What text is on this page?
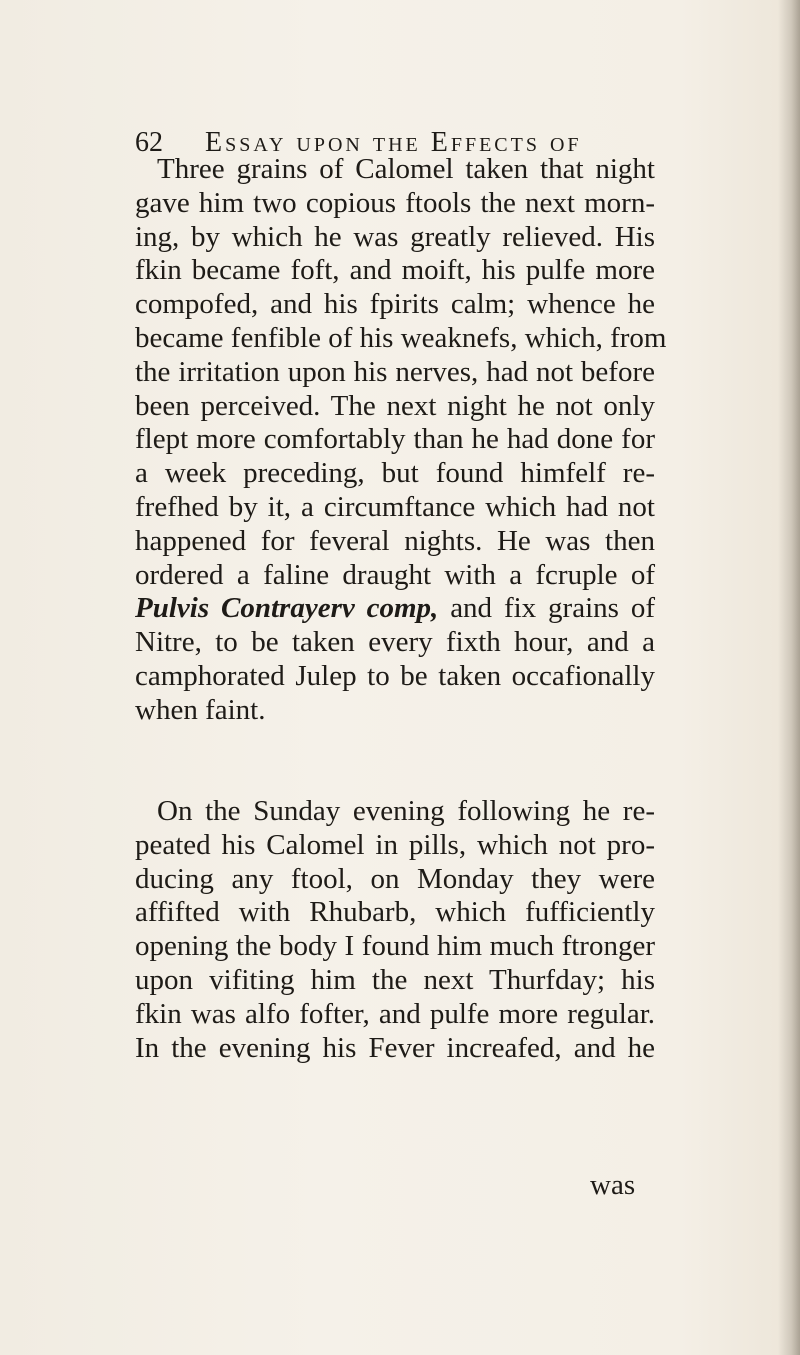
62 Essay upon the Effects of
Three grains of Calomel taken that night
gave him two copious ftools the next morn-
ing, by which he was greatly relieved. His
fkin became foft, and moift, his pulfe more
compofed, and his fpirits calm; whence he
became fenfible of his weaknefs, which, from
the irritation upon his nerves, had not before
been perceived. The next night he not only
flept more comfortably than he had done for
a week preceding, but found himfelf re-
frefhed by it, a circumftance which had not
happened for feveral nights. He was then
ordered a faline draught with a fcruple of
Pulvis Contrayerv comp, and fix grains of
Nitre, to be taken every fixth hour, and a
camphorated Julep to be taken occafionally
when faint.
On the Sunday evening following he re-
peated his Calomel in pills, which not pro-
ducing any ftool, on Monday they were
affifted with Rhubarb, which fufficiently
opening the body I found him much ftronger
upon vifiting him the next Thurfday; his
fkin was alfo fofter, and pulfe more regular.
In the evening his Fever increafed, and he
was
